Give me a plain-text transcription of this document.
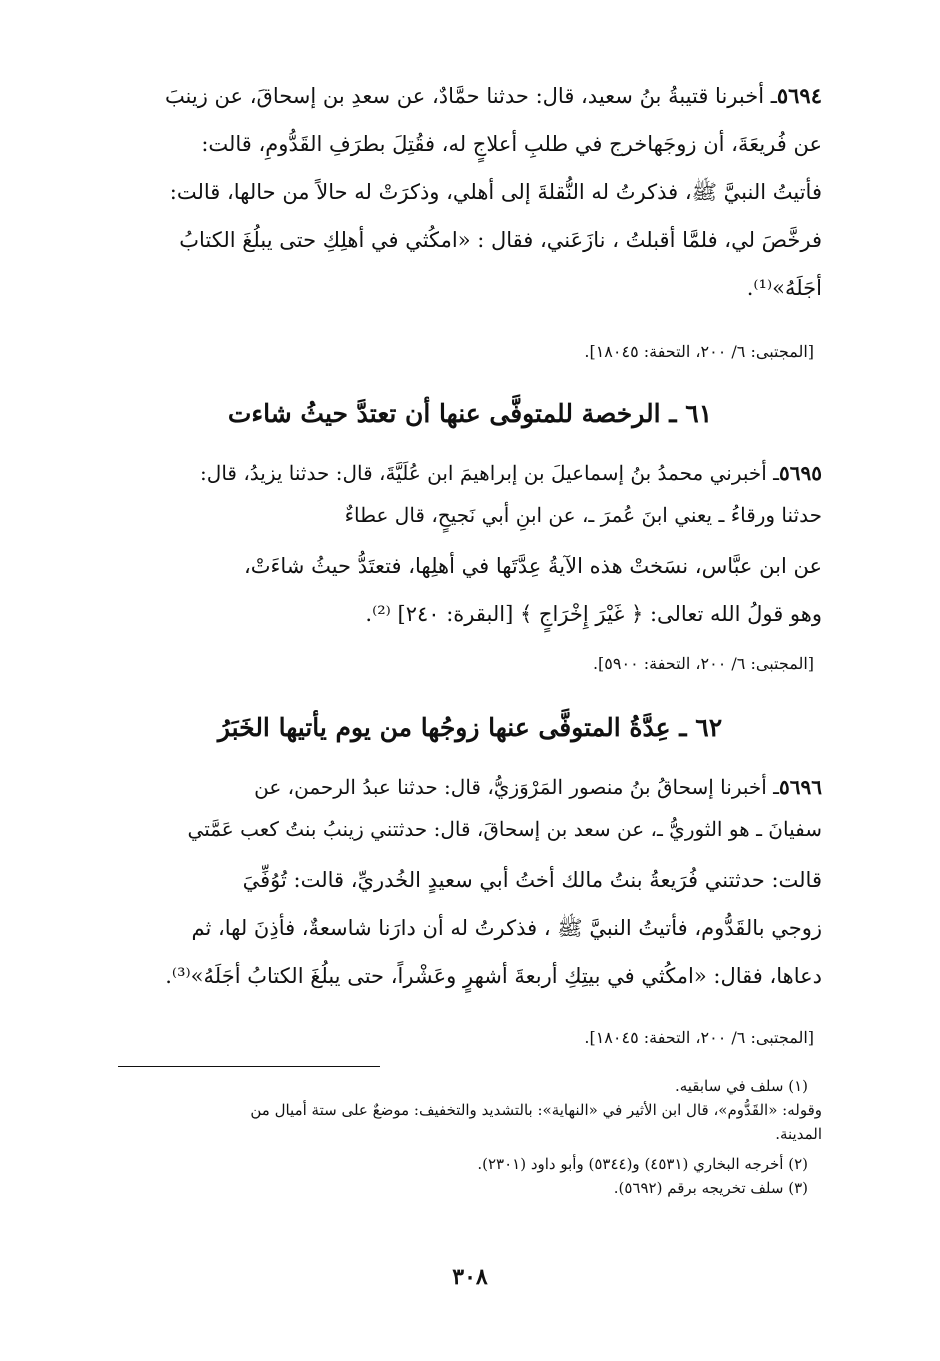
٥٦٩٤ـ أخبرنا قتيبةُ بنُ سعيد، قال: حدثنا حمَّادٌ، عن سعدِ بن إسحاقَ، عن زينبَ
عن فُريعَةَ، أن زوجَهاخرج في طلبِ أعلاجٍ له، فقُتِلَ بطرَفِ القَدُّومِ، قالت:
فأتيتُ النبيَّ ﷺ، فذكرتُ له النُّقلةَ إلى أهلي، وذكرَتْ له حالاً من حالها، قالت:
فرخَّصَ لي، فلمَّا أقبلتُ ، نازَعَني، فقال : «امكُثي في أهلِكِ حتى يبلُغَ الكتابُ
أجَلَهُ»⁽¹⁾.
[المجتبى: ٦/ ٢٠٠، التحفة: ١٨٠٤٥].
٦١ ـ الرخصة للمتوفَّى عنها أن تعتدَّ حيثُ شاءت
٥٦٩٥ـ أخبرني محمدُ بنُ إسماعيلَ بن إبراهيمَ ابن عُلَيَّةَ، قال: حدثنا يزيدُ، قال:
حدثنا ورقاءُ ـ يعني ابنَ عُمرَ ـ، عن ابنِ أبي نَجيحٍ، قال عطاءٌ
عن ابن عبَّاس، نسَختْ هذه الآيةُ عِدَّتَها في أهلِها، فتعتَدُّ حيثُ شاءَتْ،
وهو قولُ الله تعالى: ﴿ غَيْرَ إِخْرَاجٍ ﴾ [البقرة: ٢٤٠] ⁽²⁾.
[المجتبى: ٦/ ٢٠٠، التحفة: ٥٩٠٠].
٦٢ ـ عِدَّةُ المتوفَّى عنها زوجُها من يوم يأتيها الخَبَرُ
٥٦٩٦ـ أخبرنا إسحاقُ بنُ منصور المَرْوَزيُّ، قال: حدثنا عبدُ الرحمن، عن
سفيانَ ـ هو الثوريُّ ـ، عن سعد بن إسحاقَ، قال: حدثتني زينبُ بنتُ كعب عَمَّتي
قالت: حدثتني فُرَيعةُ بنتُ مالك أختُ أبي سعيدٍ الخُدريِّ، قالت: تُوُفِّيَ
زوجي بالقَدُّوم، فأتيتُ النبيَّ ﷺ ، فذكرتُ له أن دارَنا شاسعةٌ، فأذِنَ لها، ثم
دعاها، فقال: «امكُثي في بيتِكِ أربعةَ أشهرٍ وعَشْراً، حتى يبلُغَ الكتابُ أجَلَهُ»⁽³⁾.
[المجتبى: ٦/ ٢٠٠، التحفة: ١٨٠٤٥].
(١) سلف في سابقيه.
وقوله: «القَدُّوم»، قال ابن الأثير في «النهاية»: بالتشديد والتخفيف: موضعٌ على ستة أميال من
المدينة.
(٢) أخرجه البخاري (٤٥٣١) و(٥٣٤٤) وأبو داود (٢٣٠١).
(٣) سلف تخريجه برقم (٥٦٩٢).
٣٠٨
